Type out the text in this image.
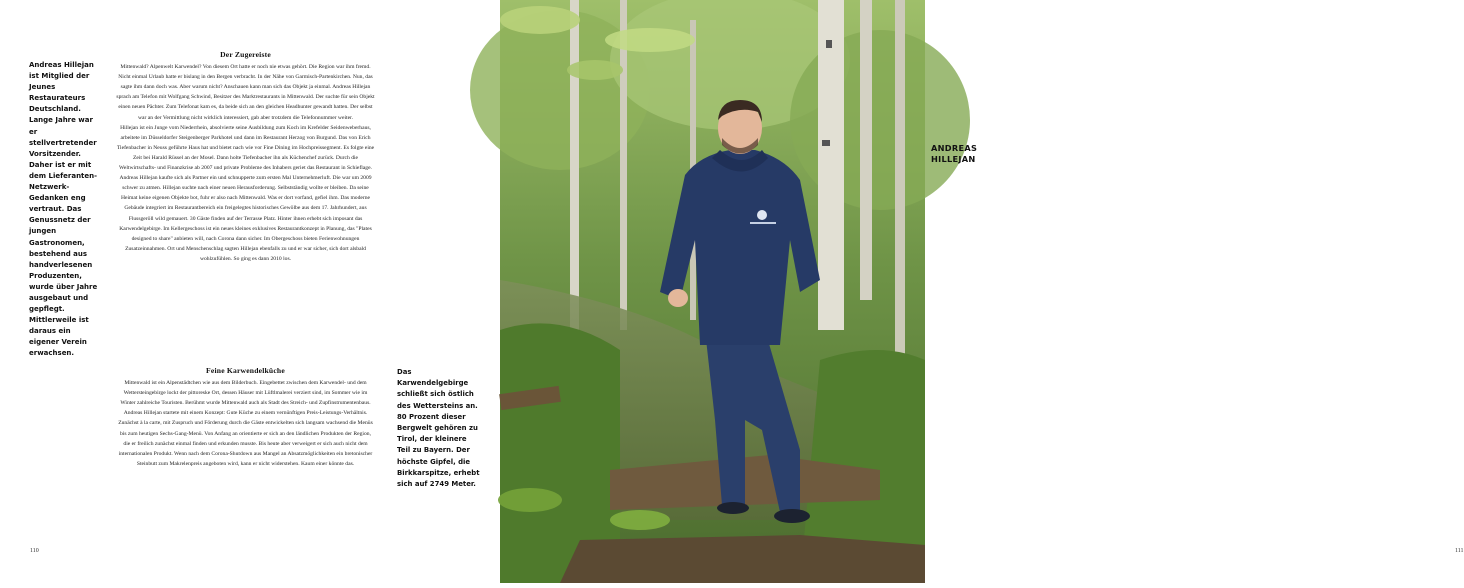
Andreas Hillejan ist Mitglied der Jeunes Restaurateurs Deutschland. Lange Jahre war er stellvertretender Vorsitzender. Daher ist er mit dem Lieferanten-Netzwerk-Gedanken eng vertraut. Das Genussnetz der jungen Gastronomen, bestehend aus handverlesenen Produzenten, wurde über Jahre ausgebaut und gepflegt. Mittlerweile ist daraus ein eigener Verein erwachsen.
Der Zugereiste

Mittenwald? Alpenwelt Karwendel? Von diesem Ort hatte er noch nie etwas gehört. Die Region war ihm fremd. Nicht einmal Urlaub hatte er bislang in den Bergen verbracht. In der Nähe von Garmisch-Partenkirchen. Nun, das sagte ihm dann doch was. Aber warum nicht? Anschauen kann man sich das Objekt ja einmal. Andreas Hillejan sprach am Telefon mit Wolfgang Schwind, Besitzer des Marktrestaurants in Mittenwald. Der suchte für sein Objekt einen neuen Pächter. Zum Telefonat kam es, da beide sich an den gleichen Headhunter gewandt hatten. Der selbst war an der Vermittlung nicht wirklich interessiert, gab aber trotzdem die Telefonnummer weiter.

Hillejan ist ein Junge vom Niederrhein, absolvierte seine Ausbildung zum Koch im Krefelder Seidenweberhaus, arbeitete im Düsseldorfer Steigenberger Parkhotel und dann im Restaurant Herzog von Burgund. Das von Erich Tiefenbacher in Neuss geführte Haus hat und bietet nach wie vor Fine Dining im Hochpreissegment. Es folgte eine Zeit bei Harald Rüssel an der Mosel. Dann holte Tiefenbacher ihn als Küchenchef zurück. Durch die Weltwirtschafts- und Finanzkrise ab 2007 und private Probleme des Inhabers geriet das Restaurant in Schieflage. Andreas Hillejan kaufte sich als Partner ein und schnupperte zum ersten Mal Unternehmerluft. Die war um 2009 schwer zu atmen. Hillejan suchte nach einer neuen Herausforderung. Selbstständig wollte er bleiben. Da seine Heimat keine eigenen Objekte bot, fuhr er also nach Mittenwald. Was er dort vorfand, gefiel ihm. Das moderne Gebäude integriert im Restaurantbereich ein freigelegtes historisches Gewölbe aus dem 17. Jahrhundert, aus Flussgeröll wild gemauert. 30 Gäste finden auf der Terrasse Platz. Hinter ihnen erhebt sich imposant das Karwendelgebirge. Im Kellergeschoss ist ein neues kleines exklusives Restaurantkonzept in Planung, das "Plates designed to share" anbieten will, nach Corona dann sicher. Im Obergeschoss bieten Ferienwohnungen Zusatzeinnahmen. Ort und Menschenschlag sagten Hillejan ebenfalls zu und er war sicher, sich dort alsbald wohlzufühlen. So ging es dann 2010 los.

Feine Karwendelküche

Mittenwald ist ein Alpenstädtchen wie aus dem Bilderbuch. Eingebettet zwischen dem Karwendel- und dem Wettersteingebirge lockt der pittoreske Ort, dessen Häuser mit Lüftlmalerei verziert sind, im Sommer wie im Winter zahlreiche Touristen. Berühmt wurde Mittenwald auch als Stadt des Streich- und Zupfinstrumentenbaus.

Andreas Hillejan startete mit einem Konzept: Gute Küche zu einem vernünftigen Preis-Leistungs-Verhältnis. Zunächst à la carte, mit Zuspruch und Förderung durch die Gäste entwickelten sich langsam wachsend die Menüs bis zum heutigen Sechs-Gang-Menü. Von Anfang an orientierte er sich an den ländlichen Produkten der Region, die er freilich zunächst einmal finden und erkunden musste. Bis heute aber verweigert er sich auch nicht dem internationalen Produkt. Wenn nach dem Corona-Shutdown aus Mangel an Absatzmöglichkeiten ein bretonischer Steinbutt zum Makrelenpreis angeboten wird, kann er nicht widerstehen. Kaum einer könnte das.

Das Karwendelgebirge schließt sich östlich des Wettersteins an. 80 Prozent dieser Bergwelt gehören zu Tirol, der kleinere Teil zu Bayern. Der höchste Gipfel, die Birkkarspitze, erhebt sich auf 2749 Meter.
110
ANDREAS HILLEJAN
111
